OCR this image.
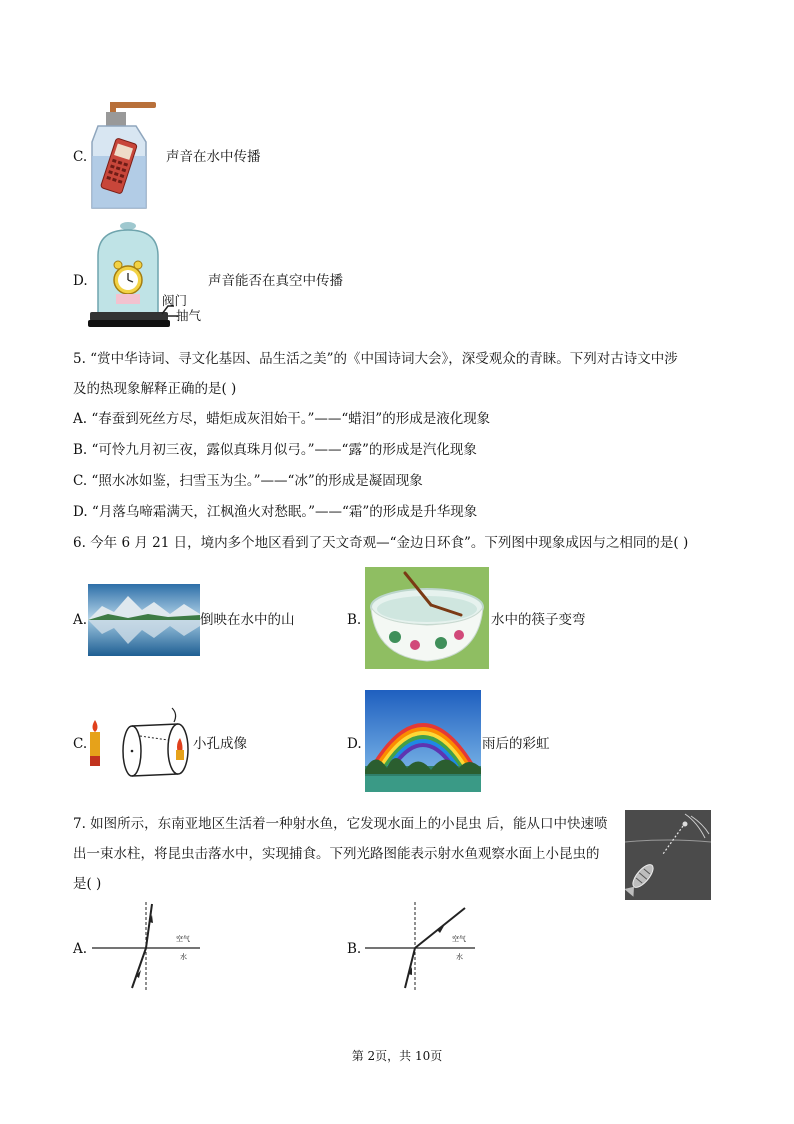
C.	声音在水中传播
D.
阀门
抽气
声音能否在真空中传播
5. “赏中华诗词、寻文化基因、品生活之美”的《中国诗词大会》，深受观众的青睐。下列对古诗文中涉
及的热现象解释正确的是( )
A. “春蚕到死丝方尽，蜡炬成灰泪始干。”——“蜡泪”的形成是液化现象
B. “可怜九月初三夜，露似真珠月似弓。”——“露”的形成是汽化现象
C. “照水冰如鉴，扫雪玉为尘。”——“冰”的形成是凝固现象
D. “月落乌啼霜满天，江枫渔火对愁眠。”——“霜”的形成是升华现象
6. 今年 6 月 21 日，境内多个地区看到了天文奇观—“金边日环食”。下列图中现象成因与之相同的是( )
A.	倒映在水中的山	B.	水中的筷子变弯
C.	小孔成像	D.	雨后的彩虹
7. 如图所示，东南亚地区生活着一种射水鱼，它发现水面上的小昆虫 后，能从口中快速喷
出一束水柱，将昆虫击落水中，实现捕食。下列光路图能表示射水鱼观察水面上小昆虫的
是( )
A.
空气
水	B.
空气
水
第 2页，共 10页
